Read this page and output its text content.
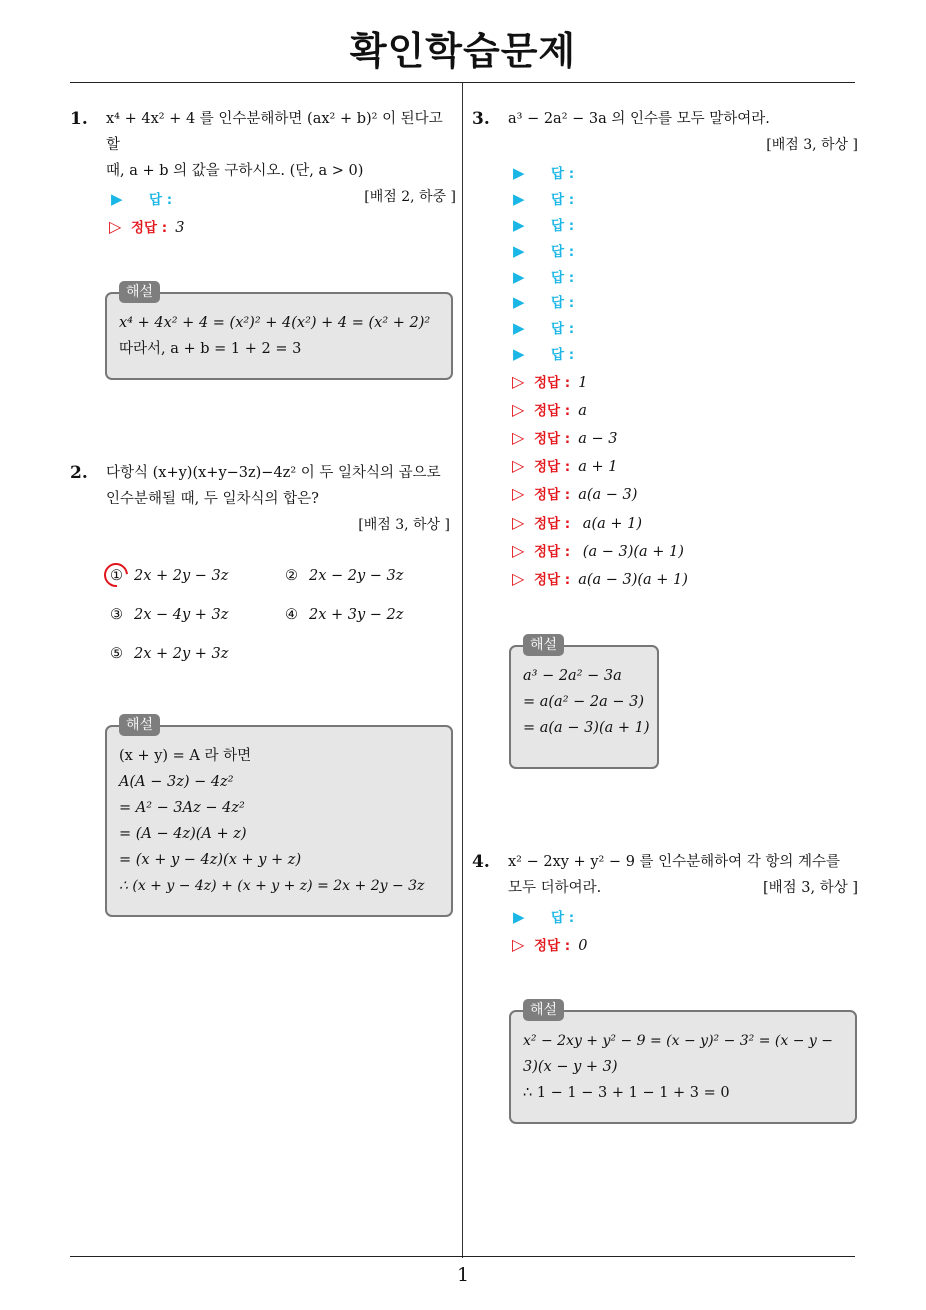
확인학습문제
1
1. x⁴ + 4x² + 4 를 인수분해하면 (ax² + b)² 이 된다고 할
때, a + b 의 값을 구하시오. (단, a > 0)
[배점 2, 하중 ]
▶ 답 :
▷ 정답 : 3
x⁴ + 4x² + 4 = (x²)² + 4(x²) + 4 = (x² + 2)²
따라서, a + b = 1 + 2 = 3
해설
2. 다항식 (x+y)(x+y−3z)−4z² 이 두 일차식의 곱으로
인수분해될 때, 두 일차식의 합은?
[배점 3, 하상 ]
① 2x + 2y − 3z	② 2x − 2y − 3z
③ 2x − 4y + 3z	④ 2x + 3y − 2z
⑤ 2x + 2y + 3z
(x + y) = A 라 하면
A(A − 3z) − 4z²
= A² − 3Az − 4z²
= (A − 4z)(A + z)
= (x + y − 4z)(x + y + z)
∴ (x + y − 4z) + (x + y + z) = 2x + 2y − 3z
해설
3. a³ − 2a² − 3a 의 인수를 모두 말하여라.
[배점 3, 하상 ]
▶ 답 :
▶ 답 :
▶ 답 :
▶ 답 :
▶ 답 :
▶ 답 :
▶ 답 :
▶ 답 :
▷ 정답 : 1
▷ 정답 : a
▷ 정답 : a − 3
▷ 정답 : a + 1
▷ 정답 : a(a − 3)
▷ 정답 : a(a + 1)
▷ 정답 : (a − 3)(a + 1)
▷ 정답 : a(a − 3)(a + 1)
a³ − 2a² − 3a
= a(a² − 2a − 3)
= a(a − 3)(a + 1)
해설
4. x² − 2xy + y² − 9 를 인수분해하여 각 항의 계수를
모두 더하여라.	[배점 3, 하상 ]
▶ 답 :
▷ 정답 : 0
x² − 2xy + y² − 9 = (x − y)² − 3² = (x − y −
3)(x − y + 3)
∴ 1 − 1 − 3 + 1 − 1 + 3 = 0
해설
